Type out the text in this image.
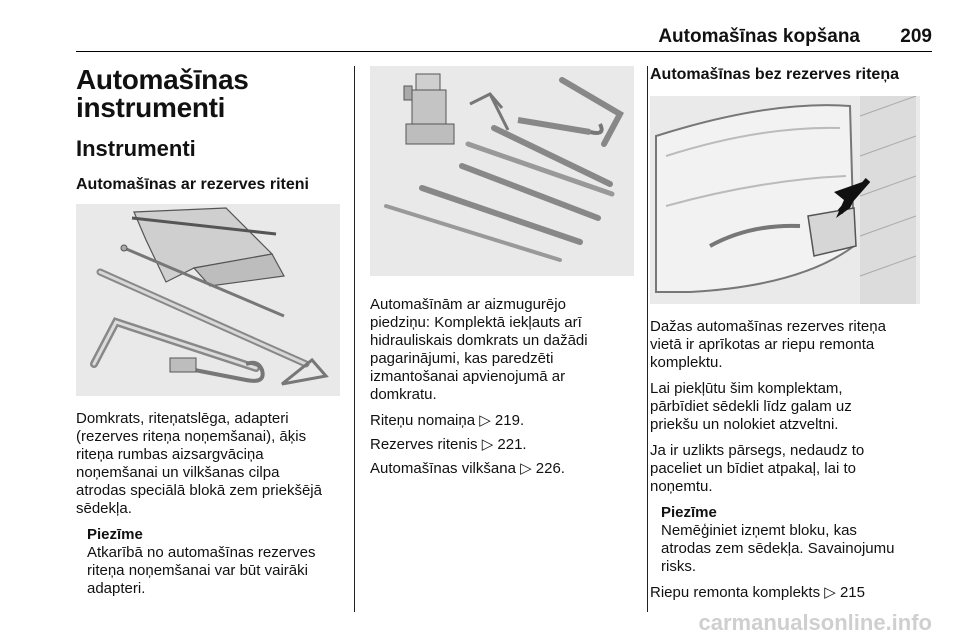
Automašīnas kopšana 209
Automašīnas
instrumenti
Instrumenti
Automašīnas ar rezerves riteni

Domkrats, riteņatslēga, adapteri
(rezerves riteņa noņemšanai), āķis
riteņa rumbas aizsargvāciņa
noņemšanai un vilkšanas cilpa
atrodas speciālā blokā zem priekšējā
sēdekļa.

Piezīme

Atkarībā no automašīnas rezerves
riteņa noņemšanai var būt vairāki
adapteri.

Automašīnām ar aizmugurējo
piedziņu: Komplektā iekļauts arī
hidrauliskais domkrats un dažādi
pagarinājumi, kas paredzēti
izmantošanai apvienojumā ar
domkratu.

Riteņu nomaiņa ▷ 219.

Rezerves ritenis ▷ 221.

Automašīnas vilkšana ▷ 226.

Automašīnas bez rezerves riteņa

Dažas automašīnas rezerves riteņa
vietā ir aprīkotas ar riepu remonta
komplektu.

Lai piekļūtu šim komplektam,
pārbīdiet sēdekli līdz galam uz
priekšu un nolokiet atzveltni.

Ja ir uzlikts pārsegs, nedaudz to
paceliet un bīdiet atpakaļ, lai to
noņemtu.

Piezīme

Nemēģiniet izņemt bloku, kas
atrodas zem sēdekļa. Savainojumu
risks.

Riepu remonta komplekts ▷ 215

carmanualsonline.info
